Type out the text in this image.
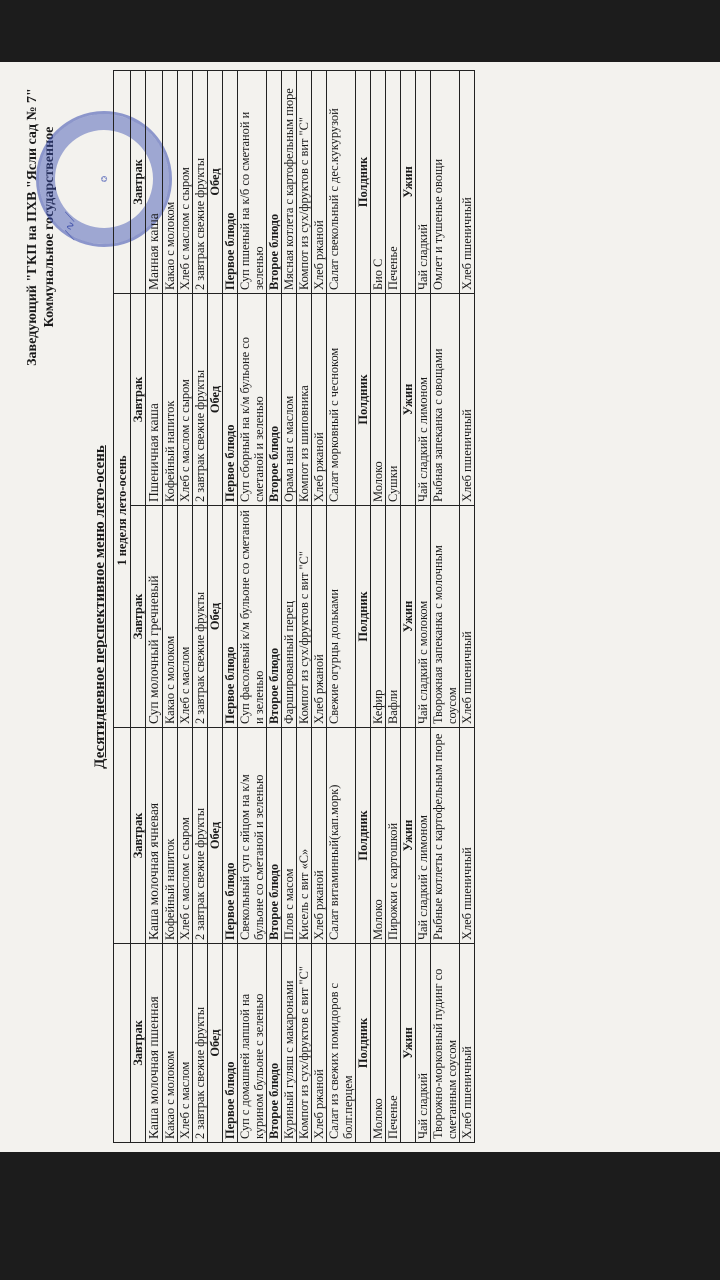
Заведующий "ГКП на ПХВ "Ясли сад № 7" Коммунальное государственное ⟋∿⟋
✪
Десятидневное перспективное меню лето-осень
		1 неделя лето-осень		
Завтрак	Завтрак	Завтрак	Завтрак	Завтрак
Каша молочная пшенная	Каша молочная ячневая	Суп молочный гречневый	Пшеничная каша	Манная каша
Какао с молоком	Кофейный напиток	Какао с молоком	Кофейный напиток	Какао с молоком
Хлеб с маслом	Хлеб с маслом с сыром	Хлеб с маслом	Хлеб с маслом с сыром	Хлеб с маслом с сыром
2 завтрак свежие фрукты	2 завтрак свежие фрукты	2 завтрак свежие фрукты	2 завтрак свежие фрукты	2 завтрак свежие фрукты
Обед	Обед	Обед	Обед	Обед
Первое блюдо	Первое блюдо	Первое блюдо	Первое блюдо	Первое блюдо
Суп с домашней лапшой на курином бульоне с зеленью	Свекольный суп с яйцом на к/м бульоне со сметаной и зеленью	Суп фасолевый к/м бульоне со сметаной и зеленью	Суп сборный на к/м бульоне со сметаной и зеленью	Суп пшеный на к/б со сметаной и зеленью
Второе блюдо	Второе блюдо	Второе блюдо	Второе блюдо	Второе блюдо
Куриный гуляш с макаронами	Плов с масом	Фаршированный перец	Орама нан с маслом	Мясная котлета с картофельным пюре
Компот из сух/фруктов с вит "С"	Кисель с вит «С»	Компот из сух/фруктов с вит "С"	Компот из шиповника	Компот из сух/фруктов с вит "С"
Хлеб ржаной	Хлеб ржаной	Хлеб ржаной	Хлеб ржаной	Хлеб ржаной
Салат из свежих помидоров с болг.перцем	Салат витаминный(кап.морк)	Свежие огурцы дольками	Салат морковный с чесноком	Салат свекольный с дес.кукурузой
Полдник	Полдник	Полдник	Полдник	Полдник
Молоко	Молоко	Кефир	Молоко	Био С
Печенье	Пирожки с картошкой	Вафли	Сушки	Печенье
Ужин	Ужин	Ужин	Ужин	Ужин
Чай сладкий	Чай сладкий с лимоном	Чай сладкий с молоком	Чай сладкий с лимоном	Чай сладкий
Творожно-морковный пудинг со сметанным соусом	Рыбные котлеты с картофельным пюре	Творожная запеканка с молочным соусом	Рыбная запеканка с овощами	Омлет и тушеные овощи
Хлеб пшеничный	Хлеб пшеничный	Хлеб пшеничный	Хлеб пшеничный	Хлеб пшеничный
